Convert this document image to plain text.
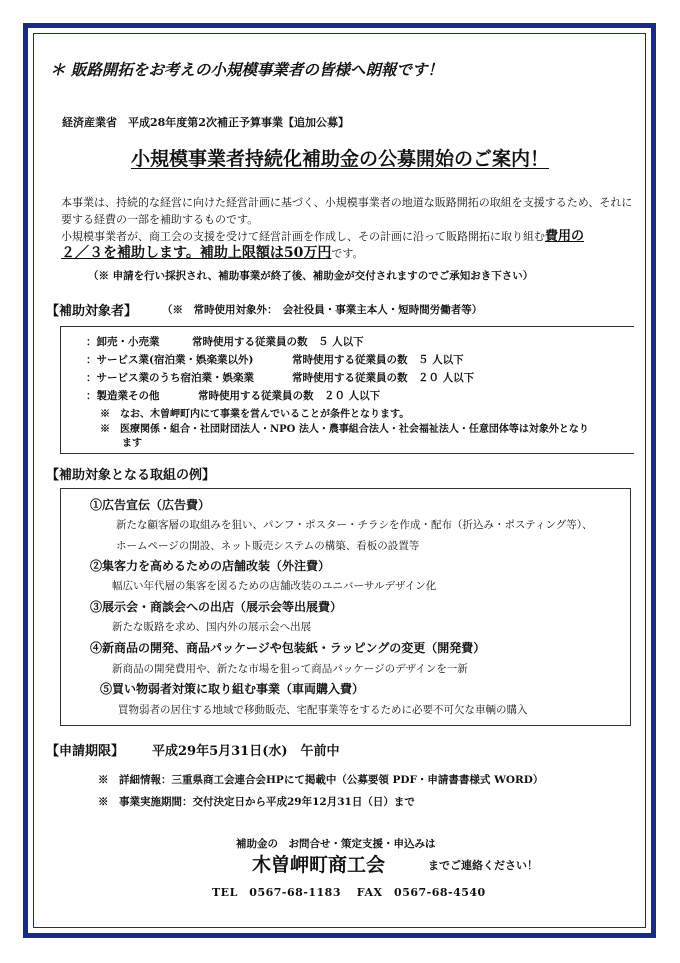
＊ 販路開拓をお考えの小規模事業者の皆様へ朗報です！
経済産業省　平成28年度第2次補正予算事業【追加公募】
小規模事業者持続化補助金の公募開始のご案内！
本事業は、持続的な経営に向けた経営計画に基づく、小規模事業者の地道な販路開拓の取組を支援するため、それに要する経費の一部を補助するものです。
小規模事業者が、商工会の支援を受けて経営計画を作成し、その計画に沿って販路開拓に取り組む費用の
２／３を補助します。補助上限額は50万円です。
（※ 申請を行い採択され、補助事業が終了後、補助金が交付されますのでご承知おき下さい）
【補助対象者】 （※　常時使用対象外：　会社役員・事業主本人・短時間労働者等）
：卸売・小売業	常時使用する従業員の数　５ 人以下
：サービス業(宿泊業・娯楽業以外)	常時使用する従業員の数　５ 人以下
：サービス業のうち宿泊業・娯楽業	常時使用する従業員の数　２０ 人以下
：製造業その他	常時使用する従業員の数　２０ 人以下
※　なお、木曽岬町内にて事業を営んでいることが条件となります。
※　医療関係・組合・社団財団法人・NPO 法人・農事組合法人・社会福祉法人・任意団体等は対象外となり
ます
【補助対象となる取組の例】
①広告宣伝（広告費）
新たな顧客層の取組みを狙い、パンフ・ポスター・チラシを作成・配布（折込み・ポスティング等）、
ホームページの開設、ネット販売システムの構築、看板の設置等
②集客力を高めるための店舗改装（外注費）
幅広い年代層の集客を図るための店舗改装のユニバーサルデザイン化
③展示会・商談会への出店（展示会等出展費）
新たな販路を求め、国内外の展示会へ出展
④新商品の開発、商品パッケージや包装紙・ラッピングの変更（開発費）
新商品の開発費用や、新たな市場を狙って商品パッケージのデザインを一新
⑤買い物弱者対策に取り組む事業（車両購入費）
買物弱者の居住する地域で移動販売、宅配事業等をするために必要不可欠な車輌の購入
【申請期限】 平成29年5月31日(水)　午前中
※　詳細情報：三重県商工会連合会HPにて掲載中（公募要領 PDF・申請書書様式 WORD）
※　事業実施期間：交付決定日から平成29年12月31日（日）まで
補助金の　お問合せ・策定支援・申込みは
木曽岬町商工会	までご連絡ください！
TEL　0567-68-1183　 FAX　0567-68-4540
